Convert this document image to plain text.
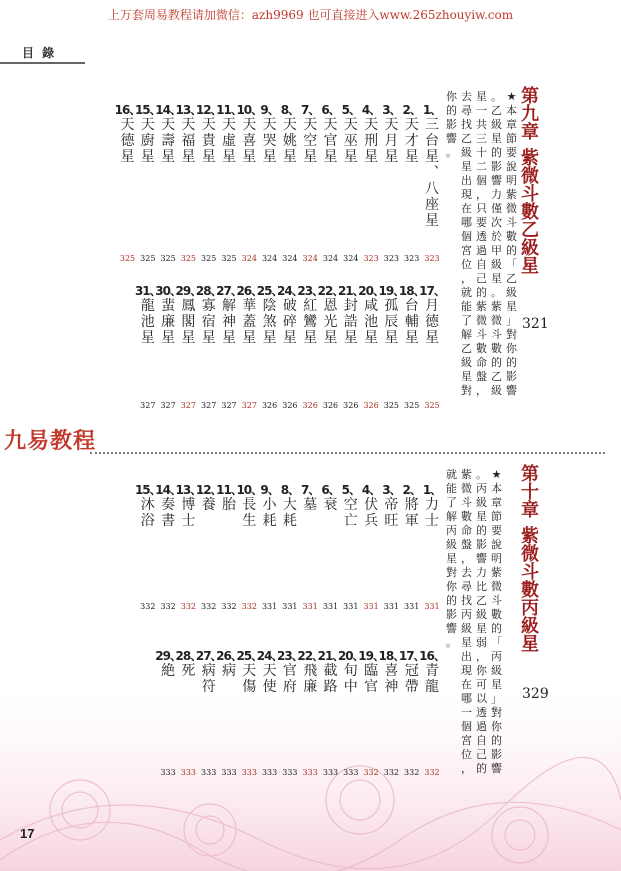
上万套周易教程请加微信：azh9969 也可直接进入www.265zhouyiw.com
目 錄
第
九
章
紫
微
斗
數
乙
級
星
321
★
本
章
節
要
說
明
紫
微
斗
數
的
「
乙
級
星
」
對
你
的
影
響
。
乙
級
星
的
影
響
力
僅
次
於
甲
級
星
。
紫
微
斗
數
的
乙
級
星
一
共
三
十
二
個
，
只
要
透
過
自
己
的
紫
微
斗
數
命
盤
，
去
尋
找
乙
級
星
出
現
在
哪
個
宮
位
，
就
能
了
解
乙
級
星
對
你
的
影
響
。
1、
三
台
星
︑
八
座
星
323
2、
天
才
星
323
3、
天
月
星
323
4、
天
刑
星
323
5、
天
巫
星
324
6、
天
官
星
324
7、
天
空
星
324
8、
天
姚
星
324
9、
天
哭
星
324
10、
天
喜
星
324
11、
天
虛
星
325
12、
天
貴
星
325
13、
天
福
星
325
14、
天
壽
星
325
15、
天
廚
星
325
16、
天
德
星
325
17、
月
德
星
325
18、
台
輔
星
325
19、
孤
辰
星
325
20、
咸
池
星
326
21、
封
誥
星
326
22、
恩
光
星
326
23、
紅
鸞
星
326
24、
破
碎
星
326
25、
陰
煞
星
326
26、
華
蓋
星
327
27、
解
神
星
327
28、
寡
宿
星
327
29、
鳳
閣
星
327
30、
蜚
廉
星
327
31、
龍
池
星
327
九易教程
第
十
章
紫
微
斗
數
丙
級
星
329
★
本
章
節
要
說
明
紫
微
斗
數
的
「
丙
級
星
」
對
你
的
影
響
。
丙
級
星
的
影
響
力
比
乙
級
星
弱
，
你
可
以
透
過
自
己
的
紫
微
斗
數
命
盤
，
去
尋
找
丙
級
星
出
現
在
哪
一
個
宮
位
，
就
能
了
解
丙
級
星
對
你
的
影
響
。
1、
力
士
331
2、
將
軍
331
3、
帝
旺
331
4、
伏
兵
331
5、
空
亡
331
6、
衰
331
7、
墓
331
8、
大
耗
331
9、
小
耗
331
10、
長
生
332
11、
胎
332
12、
養
332
13、
博
士
332
14、
奏
書
332
15、
沐
浴
332
16、
青
龍
332
17、
冠
帶
332
18、
喜
神
332
19、
臨
官
332
20、
旬
中
333
21、
截
路
333
22、
飛
廉
333
23、
官
府
333
24、
天
使
333
25、
天
傷
333
26、
病
333
27、
病
符
333
28、
死
333
29、
絶
333
17
